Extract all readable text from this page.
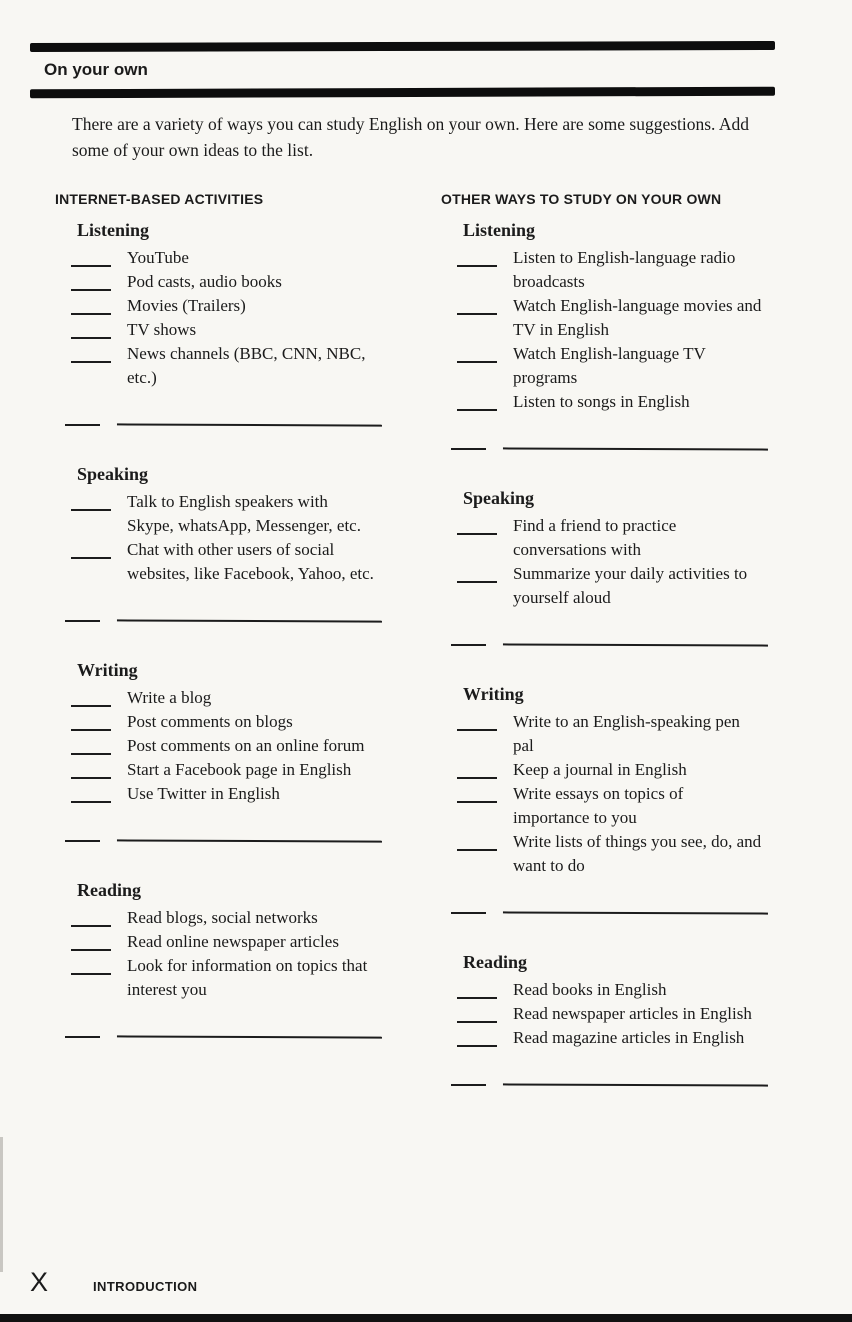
On your own

There are a variety of ways you can study English on your own. Here are some suggestions. Add some of your own ideas to the list.

INTERNET-BASED ACTIVITIES
Listening
YouTube
Pod casts, audio books
Movies (Trailers)
TV shows
News channels (BBC, CNN, NBC, etc.)
Speaking
Talk to English speakers with Skype, whatsApp, Messenger, etc.
Chat with other users of social websites, like Facebook, Yahoo, etc.
Writing
Write a blog
Post comments on blogs
Post comments on an online forum
Start a Facebook page in English
Use Twitter in English
Reading
Read blogs, social networks
Read online newspaper articles
Look for information on topics that interest you
OTHER WAYS TO STUDY ON YOUR OWN
Listening
Listen to English-language radio broadcasts
Watch English-language movies and TV in English
Watch English-language TV programs
Listen to songs in English
Speaking
Find a friend to practice conversations with
Summarize your daily activities to yourself aloud
Writing
Write to an English-speaking pen pal
Keep a journal in English
Write essays on topics of importance to you
Write lists of things you see, do, and want to do
Reading
Read books in English
Read newspaper articles in English
Read magazine articles in English
X	INTRODUCTION
